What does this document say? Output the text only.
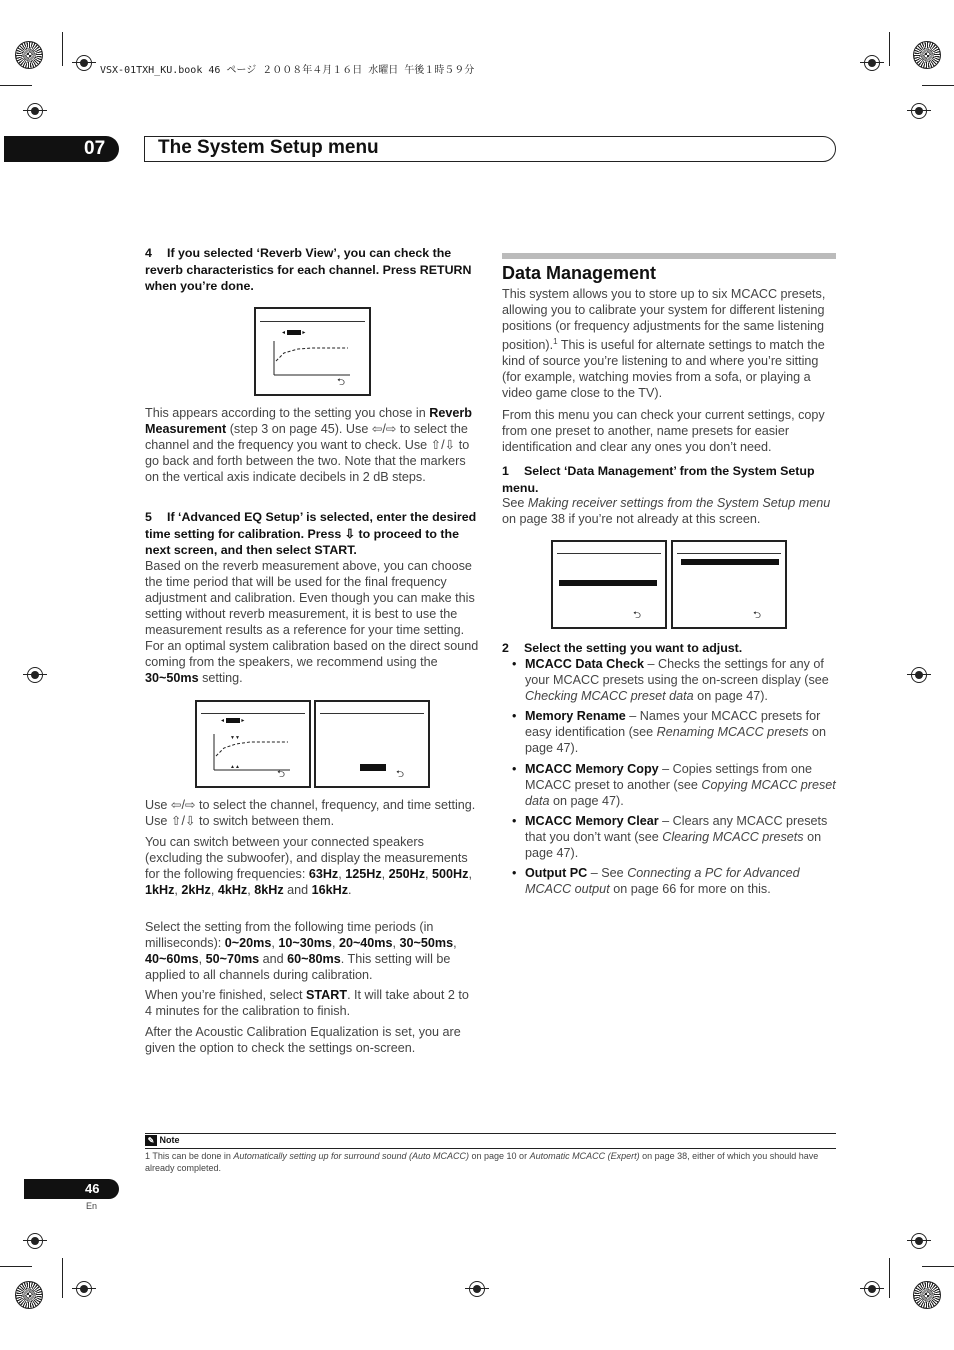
VSX-01TXH_KU.book 46 ページ ２００８年４月１６日 水曜日 午後１時５９分
07	The System Setup menu

4 If you selected ‘Reverb View’, you can check the reverb characteristics for each channel. Press RETURN when you’re done.

◂  ▸
⮌

This appears according to the setting you chose in Reverb Measurement (step 3 on page 45). Use ⇦/⇨ to select the channel and the frequency you want to check. Use ⇧/⇩ to go back and forth between the two. Note that the markers on the vertical axis indicate decibels in 2 dB steps.

5 If ‘Advanced EQ Setup’ is selected, enter the desired time setting for calibration. Press ⇩ to proceed to the next screen, and then select START.

Based on the reverb measurement above, you can choose the time period that will be used for the final frequency adjustment and calibration. Even though you can make this setting without reverb measurement, it is best to use the measurement results as a reference for your time setting. For an optimal system calibration based on the direct sound coming from the speakers, we recommend using the 30~50ms setting.

◂  ▸
▼▼
▲▲
⮌	⮌

Use ⇦/⇨ to select the channel, frequency, and time setting. Use ⇧/⇩ to switch between them.

You can switch between your connected speakers (excluding the subwoofer), and display the measurements for the following frequencies: 63Hz, 125Hz, 250Hz, 500Hz, 1kHz, 2kHz, 4kHz, 8kHz and 16kHz.

Select the setting from the following time periods (in milliseconds): 0~20ms, 10~30ms, 20~40ms, 30~50ms, 40~60ms, 50~70ms and 60~80ms. This setting will be applied to all channels during calibration.

When you’re finished, select START. It will take about 2 to 4 minutes for the calibration to finish.

After the Acoustic Calibration Equalization is set, you are given the option to check the settings on-screen.

Data Management

This system allows you to store up to six MCACC presets, allowing you to calibrate your system for different listening positions (or frequency adjustments for the same listening position).$^1$ This is useful for alternate settings to match the kind of source you’re listening to and where you’re sitting (for example, watching movies from a sofa, or playing a video game close to the TV).

From this menu you can check your current settings, copy from one preset to another, name presets for easier identification and clear any ones you don’t need.

1 Select ‘Data Management’ from the System Setup menu.

See Making receiver settings from the System Setup menu on page 38 if you’re not already at this screen.

⮌	⮌

2 Select the setting you want to adjust.

• MCACC Data Check – Checks the settings for any of your MCACC presets using the on-screen display (see Checking MCACC preset data on page 47).
• Memory Rename – Names your MCACC presets for easy identification (see Renaming MCACC presets on page 47).
• MCACC Memory Copy – Copies settings from one MCACC preset to another (see Copying MCACC preset data on page 47).
• MCACC Memory Clear – Clears any MCACC presets that you don’t want (see Clearing MCACC presets on page 47).
• Output PC – See Connecting a PC for Advanced MCACC output on page 66 for more on this.
✎ Note

1 This can be done in Automatically setting up for surround sound (Auto MCACC) on page 10 or Automatic MCACC (Expert) on page 38, either of which you should have already completed.

46
En
